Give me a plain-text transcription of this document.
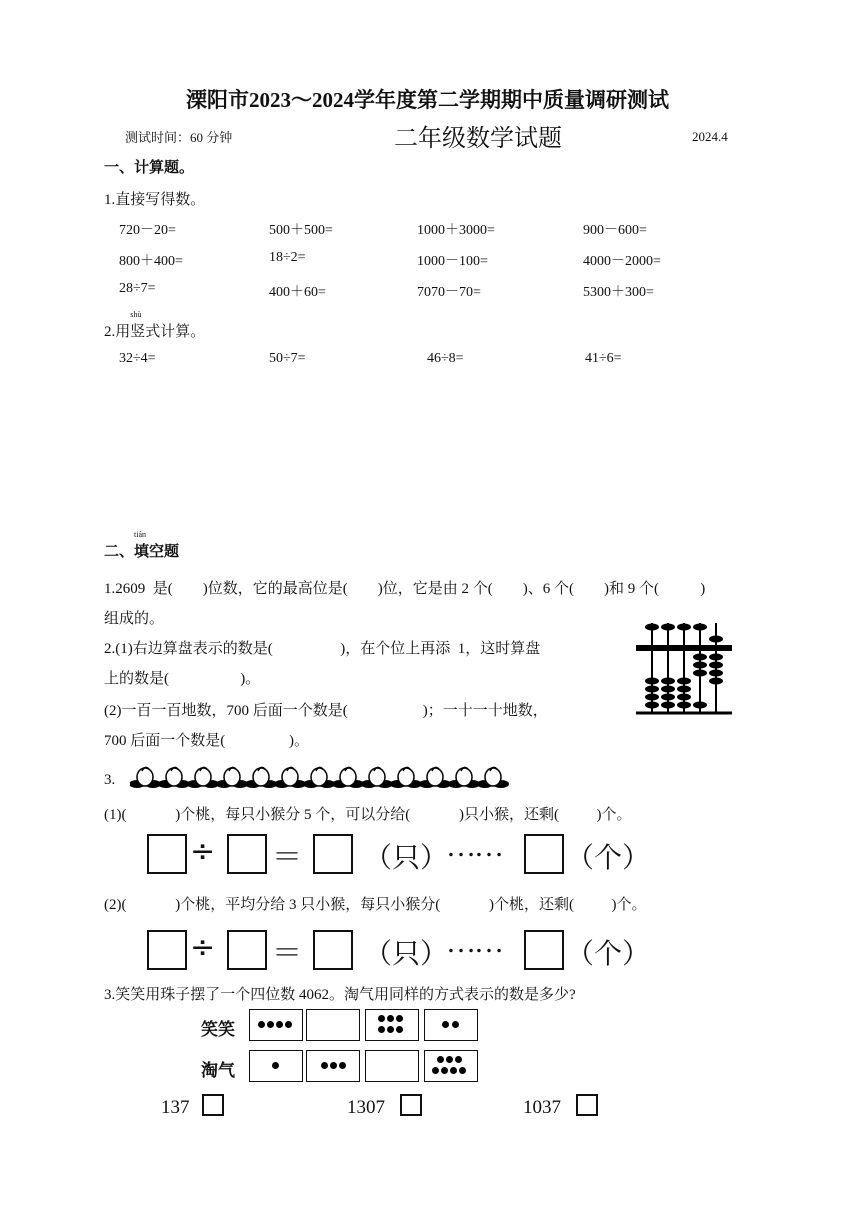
溧阳市2023～2024学年度第二学期期中质量调研测试
测试时间：60 分钟	二年级数学试题	2024.4
一、计算题。
1.直接写得数。
720－20=	500＋500=	1000＋3000=	900－600=
800＋400=	18÷2=	1000－100=	4000－2000=
28÷7=	400＋60=	7070－70=	5300＋300=
2.用
shù
竖式计算。
32÷4=	50÷7=	46÷8=	41÷6=
二、
tián
填空题
1.2609  是(        )位数，它的最高位是(        )位，它是由 2 个(        )、6 个(        )和 9 个(           )
组成的。
2.(1)右边算盘表示的数是(                  )，在个位上再添  1，这时算盘
上的数是(                   )。
(2)一百一百地数，700 后面一个数是(                    )；一十一十地数，
700 后面一个数是(                 )。
3.
(1)(             )个桃，每只小猴分 5 个，可以分给(             )只小猴，还剩(          )个。
÷ ＝ （只）
…… （个）
(2)(             )个桃，平均分给 3 只小猴，每只小猴分(             )个桃，还剩(          )个。
÷ ＝ （只）
…… （个）
3.笑笑用珠子摆了一个四位数 4062。淘气用同样的方式表示的数是多少?
笑笑
淘气
137	1307	1037
